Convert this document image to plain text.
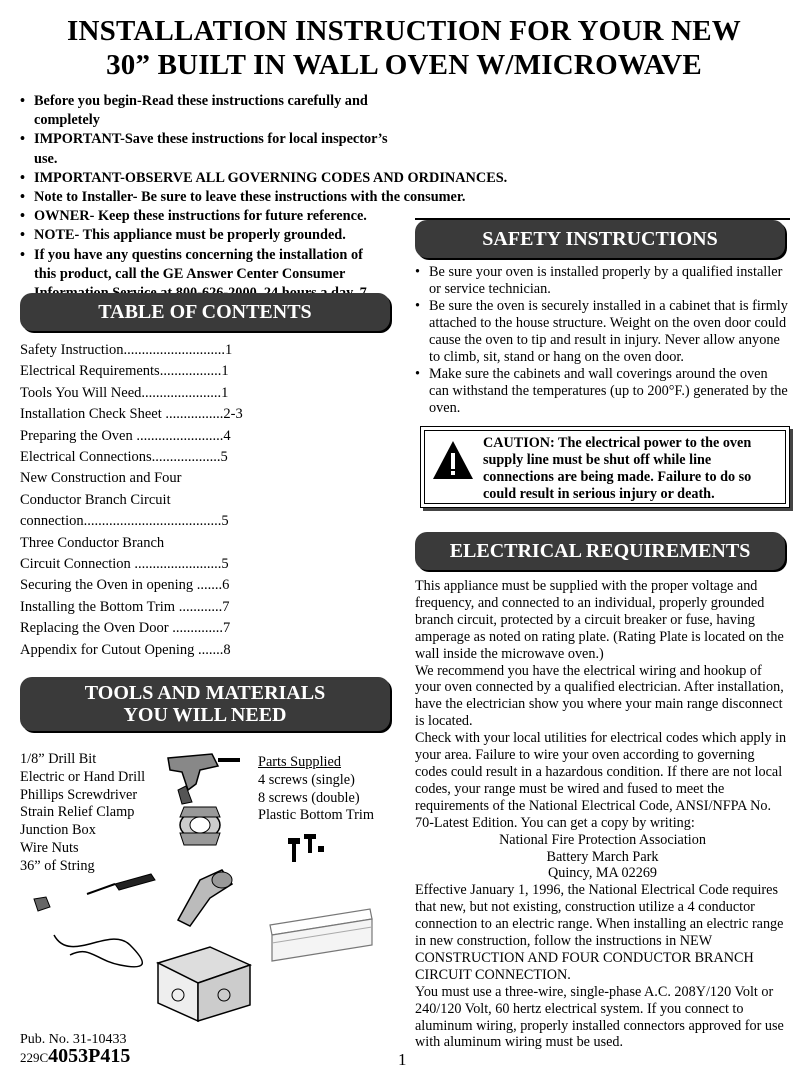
INSTALLATION INSTRUCTION FOR YOUR NEW
30” BUILT IN WALL OVEN W/MICROWAVE
• Before you begin-Read these instructions carefully and completely
• IMPORTANT-Save these instructions for local inspector’s use.
• IMPORTANT-OBSERVE ALL GOVERNING CODES AND ORDINANCES.
• Note to Installer- Be sure to leave these instructions with the consumer.
• OWNER- Keep these instructions for future reference.
• NOTE- This appliance must be properly grounded.
• If you have any questins concerning the installation of this product, call the GE Answer Center Consumer
TABLE OF CONTENTS
Safety Instruction............................1
Electrical Requirements.................1
Tools You Will Need......................1
Installation Check Sheet ................2-3
Preparing the Oven ........................4
Electrical Connections...................5
New Construction and Four
Conductor Branch Circuit
connection......................................5
Three Conductor Branch
Circuit Connection ........................5
Securing the Oven in opening .......6
Installing the Bottom Trim ............7
Replacing the Oven Door ..............7
Appendix for Cutout Opening .......8
TOOLS AND MATERIALS
YOU WILL NEED
1/8” Drill Bit
Electric or Hand Drill
Phillips Screwdriver
Strain Relief Clamp
Junction Box
Wire Nuts
36” of String
Parts Supplied
4 screws (single)
8 screws (double)
Plastic Bottom Trim
SAFETY INSTRUCTIONS
• Be sure your oven is installed properly by a qualified installer or service technician.
• Be sure the oven is securely installed in a cabinet that is firmly attached to the house structure. Weight on the oven door could cause the oven to tip and result in injury. Never allow anyone to climb, sit, stand or hang on the oven door.
• Make sure the cabinets and wall coverings around the oven can withstand the temperatures (up to 200°F.) generated by the oven.
CAUTION: The electrical power to the oven supply line must be shut off while line connections are being made. Failure to do so could result in serious injury or death.
ELECTRICAL REQUIREMENTS

This appliance must be supplied with the proper voltage and frequency, and connected to an individual, properly grounded branch circuit, protected by a circuit breaker or fuse, having amperage as noted on rating plate. (Rating Plate is located on the wall inside the microwave oven.)

We recommend you have the electrical wiring and hookup of your oven connected by a qualified electrician. After installation, have the electrician show you where your main range disconnect is located.

Check with your local utilities for electrical codes which apply in your area. Failure to wire your oven according to governing codes could result in a hazardous condition. If there are not local codes, your range must be wired and fused to meet the requirements of the National Electrical Code, ANSI/NFPA No. 70-Latest Edition. You can get a copy by writing:

National Fire Protection Association

Battery March Park

Quincy, MA 02269

Effective January 1, 1996, the National Electrical Code requires that new, but not existing, construction utilize a 4 conductor connection to an electric range. When installing an electric range in new construction, follow the instructions in NEW CONSTRUCTION AND FOUR CONDUCTOR BRANCH CIRCUIT CONNECTION.

You must use a three-wire, single-phase A.C. 208Y/120 Volt or 240/120 Volt, 60 hertz electrical system. If you connect to aluminum wiring, properly installed connectors approved for use with aluminum wiring must be used.

Pub. No. 31-10433
229C4053P415	1
